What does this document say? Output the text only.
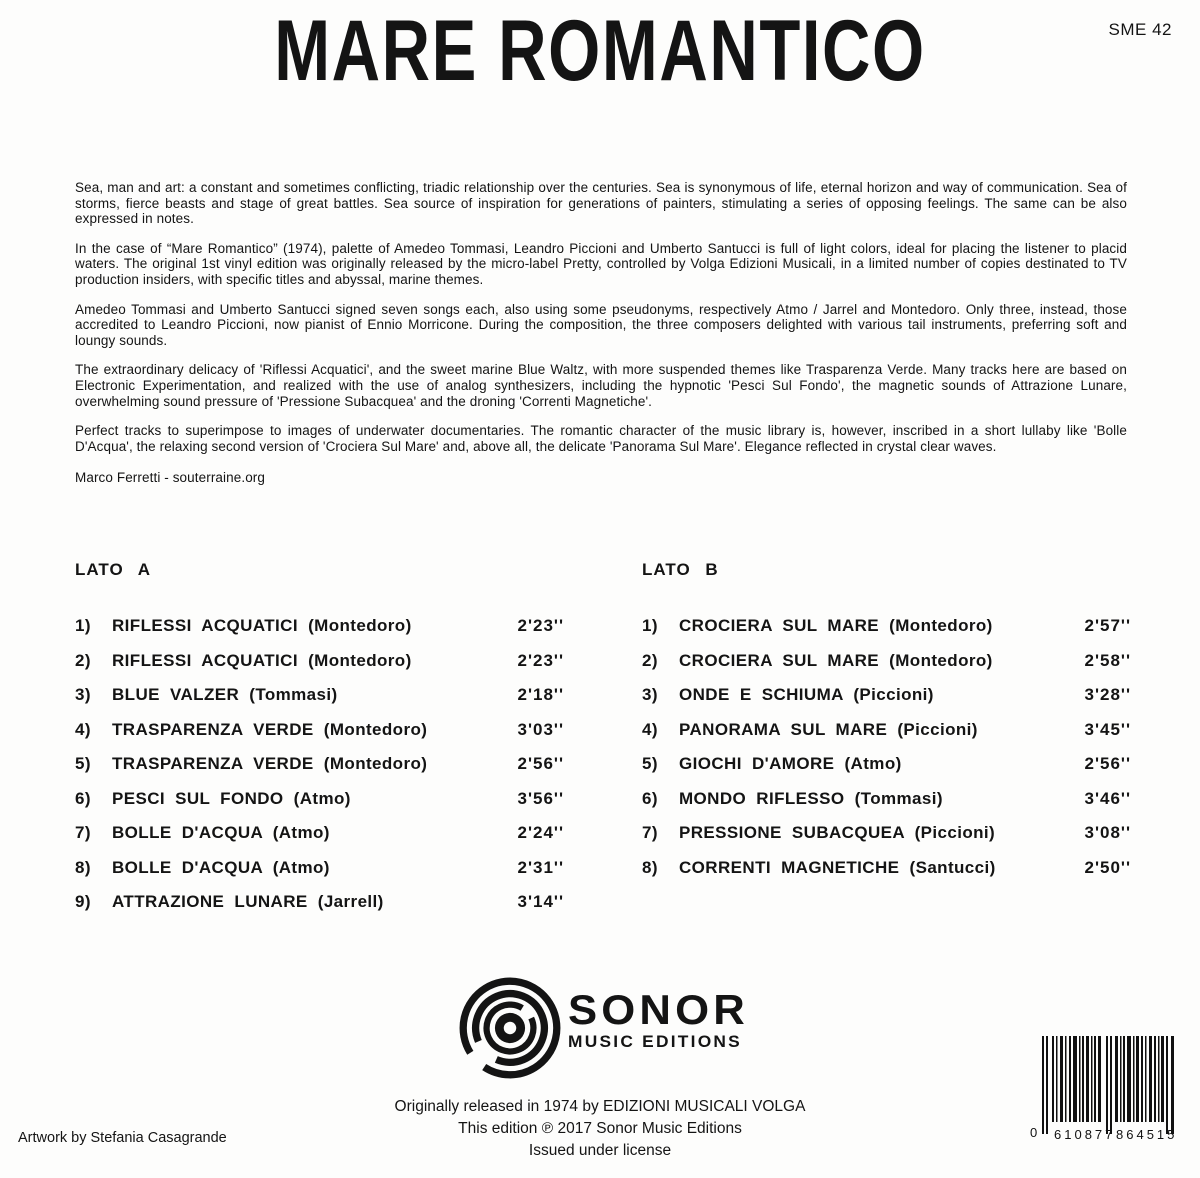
MARE ROMANTICO	SME 42

Sea, man and art: a constant and sometimes conflicting, triadic relationship over the centuries. Sea is synonymous of life, eternal horizon and way of communication. Sea of storms, fierce beasts and stage of great battles. Sea source of inspiration for generations of painters, stimulating a series of opposing feelings. The same can be also expressed in notes.

In the case of “Mare Romantico” (1974), palette of Amedeo Tommasi, Leandro Piccioni and Umberto Santucci is full of light colors, ideal for placing the listener to placid waters. The original 1st vinyl edition was originally released by the micro-label Pretty, controlled by Volga Edizioni Musicali, in a limited number of copies destinated to TV production insiders, with specific titles and abyssal, marine themes.

Amedeo Tommasi and Umberto Santucci signed seven songs each, also using some pseudonyms, respectively Atmo / Jarrel and Montedoro. Only three, instead, those accredited to Leandro Piccioni, now pianist of Ennio Morricone. During the composition, the three composers delighted with various tail instruments, preferring soft and loungy sounds.

The extraordinary delicacy of 'Riflessi Acquatici', and the sweet marine Blue Waltz, with more suspended themes like Trasparenza Verde. Many tracks here are based on Electronic Experimentation, and realized with the use of analog synthesizers, including the hypnotic 'Pesci Sul Fondo', the magnetic sounds of Attrazione Lunare, overwhelming sound pressure of 'Pressione Subacquea' and the droning 'Correnti Magnetiche'.

Perfect tracks to superimpose to images of underwater documentaries. The romantic character of the music library is, however, inscribed in a short lullaby like 'Bolle D'Acqua', the relaxing second version of 'Crociera Sul Mare' and, above all, the delicate 'Panorama Sul Mare'. Elegance reflected in crystal clear waves.

Marco Ferretti - souterraine.org

LATO A
1)	RIFLESSI ACQUATICI (Montedoro)	2'23''
2)	RIFLESSI ACQUATICI (Montedoro)	2'23''
3)	BLUE VALZER (Tommasi)	2'18''
4)	TRASPARENZA VERDE (Montedoro)	3'03''
5)	TRASPARENZA VERDE (Montedoro)	2'56''
6)	PESCI SUL FONDO (Atmo)	3'56''
7)	BOLLE D'ACQUA (Atmo)	2'24''
8)	BOLLE D'ACQUA (Atmo)	2'31''
9)	ATTRAZIONE LUNARE (Jarrell)	3'14''
LATO B
1)	CROCIERA SUL MARE (Montedoro)	2'57''
2)	CROCIERA SUL MARE (Montedoro)	2'58''
3)	ONDE E SCHIUMA (Piccioni)	3'28''
4)	PANORAMA SUL MARE (Piccioni)	3'45''
5)	GIOCHI D'AMORE (Atmo)	2'56''
6)	MONDO RIFLESSO (Tommasi)	3'46''
7)	PRESSIONE SUBACQUEA (Piccioni)	3'08''
8)	CORRENTI MAGNETICHE (Santucci)	2'50''
SONOR
MUSIC EDITIONS
Originally released in 1974 by EDIZIONI MUSICALI VOLGA
This edition ℗ 2017 Sonor Music Editions
Issued under license
Artwork by Stefania Casagrande	0 610877 864515
